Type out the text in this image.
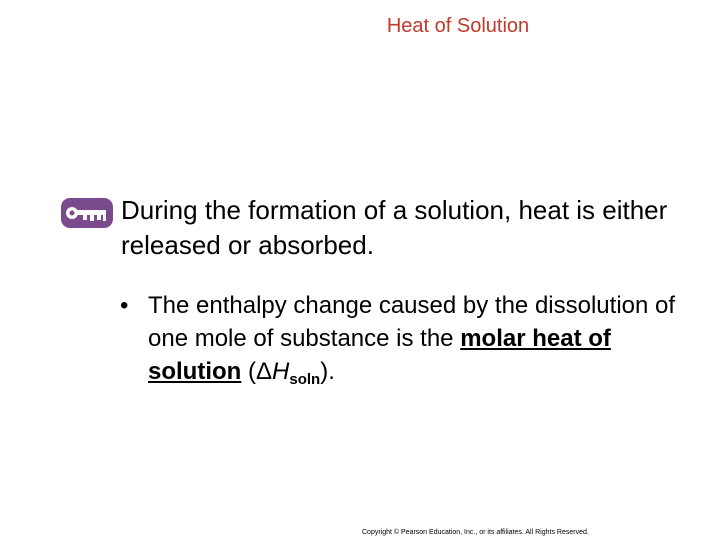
Heat of Solution
During the formation of a solution, heat is either released or absorbed.
• The enthalpy change caused by the dissolution of one mole of substance is the molar heat of solution $(\Delta H_{soln})$.
Copyright © Pearson Education, Inc., or its affiliates. All Rights Reserved.
